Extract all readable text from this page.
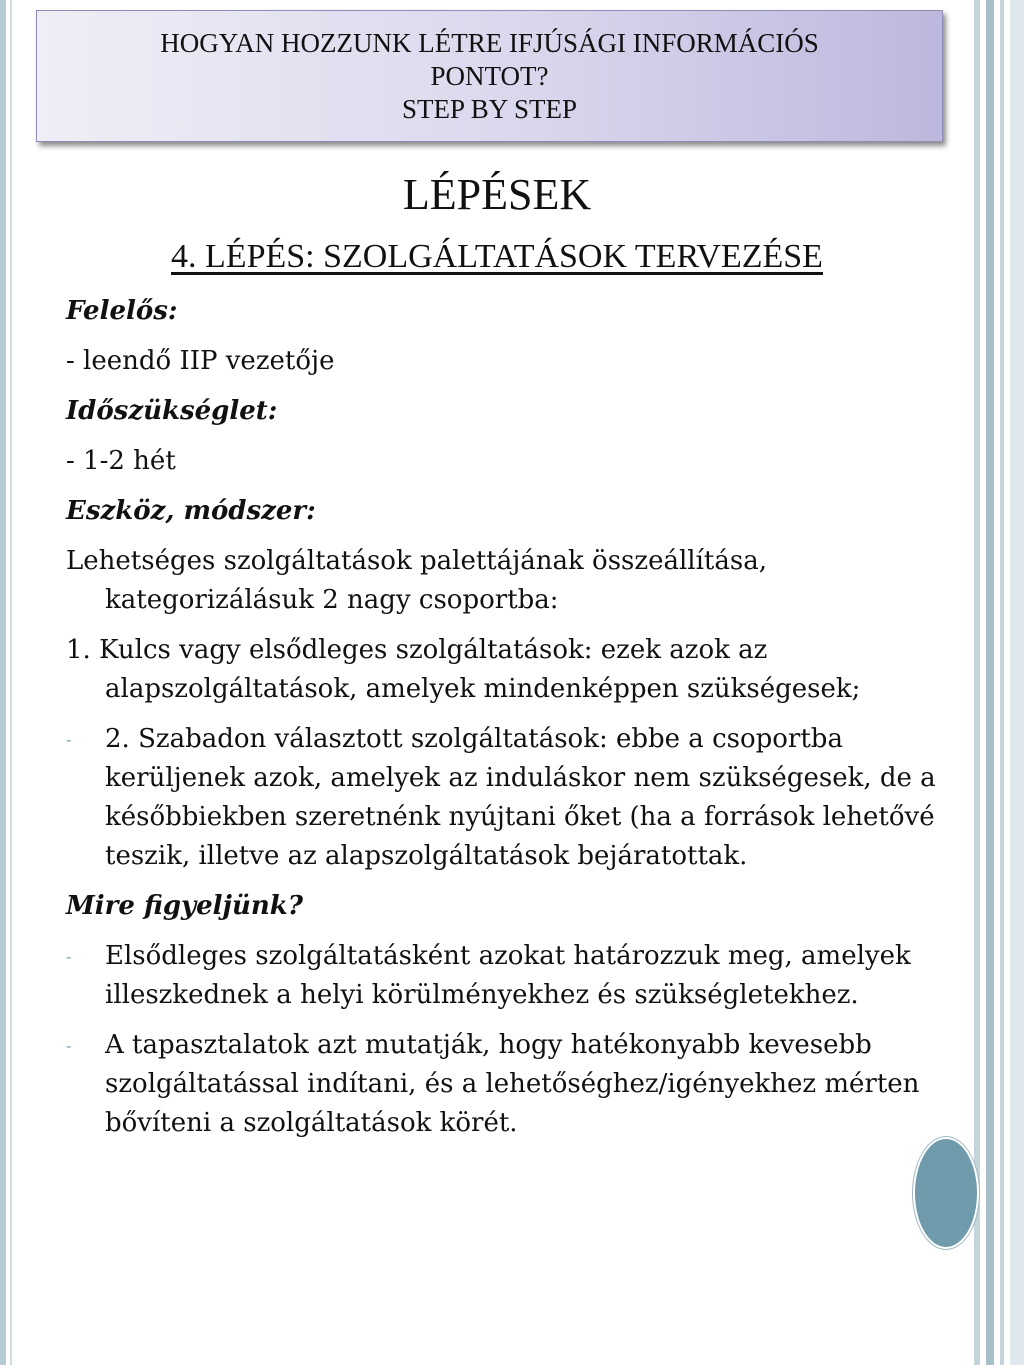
HOGYAN HOZZUNK LÉTRE IFJÚSÁGI INFORMÁCIÓS
PONTOT?
STEP BY STEP
LÉPÉSEK
4. LÉPÉS: SZOLGÁLTATÁSOK TERVEZÉSE
Felelős:
- leendő IIP vezetője
Időszükséglet:
- 1-2 hét
Eszköz, módszer:
Lehetséges szolgáltatások palettájának összeállítása, kategorizálásuk 2 nagy csoportba:
1. Kulcs vagy elsődleges szolgáltatások: ezek azok az alapszolgáltatások, amelyek mindenképpen szükségesek;
- 2. Szabadon választott szolgáltatások: ebbe a csoportba kerüljenek azok, amelyek az induláskor nem szükségesek, de a későbbiekben szeretnénk nyújtani őket (ha a források lehetővé teszik, illetve az alapszolgáltatások bejáratottak.
Mire figyeljünk?
- Elsődleges szolgáltatásként azokat határozzuk meg, amelyek illeszkednek a helyi körülményekhez és szükségletekhez.
- A tapasztalatok azt mutatják, hogy hatékonyabb kevesebb szolgáltatással indítani, és a lehetőséghez/igényekhez mérten bővíteni a szolgáltatások körét.
